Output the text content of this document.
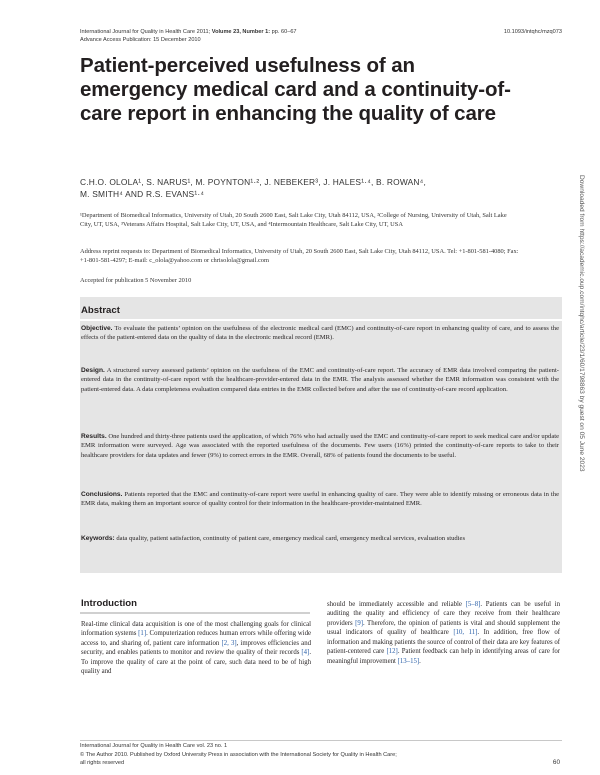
International Journal for Quality in Health Care 2011; Volume 23, Number 1: pp. 60–67
Advance Access Publication: 15 December 2010
10.1093/intqhc/mzq073
Patient-perceived usefulness of an emergency medical card and a continuity-of-care report in enhancing the quality of care
C.H.O. OLOLA¹, S. NARUS¹, M. POYNTON¹·², J. NEBEKER³, J. HALES¹·⁴, B. ROWAN⁴,
M. SMITH⁴ AND R.S. EVANS¹·⁴
¹Department of Biomedical Informatics, University of Utah, 20 South 2600 East, Salt Lake City, Utah 84112, USA, ²College of Nursing, University of Utah, Salt Lake City, UT, USA, ³Veterans Affairs Hospital, Salt Lake City, UT, USA, and ⁴Intermountain Healthcare, Salt Lake City, UT, USA
Address reprint requests to: Department of Biomedical Informatics, University of Utah, 20 South 2600 East, Salt Lake City, Utah 84112, USA. Tel: +1-801-581-4080; Fax: +1-801-581-4297; E-mail: c_olola@yahoo.com or chrisolola@gmail.com
Accepted for publication 5 November 2010
Abstract
Objective. To evaluate the patients’ opinion on the usefulness of the electronic medical card (EMC) and continuity-of-care report in enhancing quality of care, and to assess the effects of the patient-entered data on the quality of data in the electronic medical record (EMR).
Design. A structured survey assessed patients’ opinion on the usefulness of the EMC and continuity-of-care report. The accuracy of EMR data involved comparing the patient-entered data in the continuity-of-care report with the healthcare-provider-entered data in the EMR. The analysis assessed whether the EMR information was consistent with the patient-entered data. A data completeness evaluation compared data entries in the EMR collected before and after the use of continuity-of-care record application.
Results. One hundred and thirty-three patients used the application, of which 76% who had actually used the EMC and continuity-of-care report to seek medical care and/or update EMR information were surveyed. Age was associated with the reported usefulness of the documents. Few users (16%) printed the continuity-of-care reports to take to their healthcare providers for data updates and fewer (9%) to correct errors in the EMR. Overall, 68% of patients found the documents to be useful.
Conclusions. Patients reported that the EMC and continuity-of-care report were useful in enhancing quality of care. They were able to identify missing or erroneous data in the EMR data, making them an important source of quality control for their information in the healthcare-provider-maintained EMR.
Keywords: data quality, patient satisfaction, continuity of patient care, emergency medical card, emergency medical services, evaluation studies
Introduction
Real-time clinical data acquisition is one of the most challenging goals for clinical information systems [1]. Computerization reduces human errors while offering wide access to, and sharing of, patient care information [2, 3], improves efficiencies and security, and enables patients to monitor and review the quality of their records [4]. To improve the quality of care at the point of care, such data need to be of high quality and
should be immediately accessible and reliable [5–8]. Patients can be useful in auditing the quality and efficiency of care they receive from their healthcare providers [9]. Therefore, the opinion of patients is vital and should supplement the usual indicators of quality of healthcare [10, 11]. In addition, free flow of information and making patients the source of control of their data are key features of patient-centered care [12]. Patient feedback can help in identifying areas of care for meaningful improvement [13–15].
International Journal for Quality in Health Care vol. 23 no. 1
© The Author 2010. Published by Oxford University Press in association with the International Society for Quality in Health Care;
all rights reserved	60
Downloaded from https://academic.oup.com/intqhc/article/23/1/60/1798863 by guest on 05 June 2023
